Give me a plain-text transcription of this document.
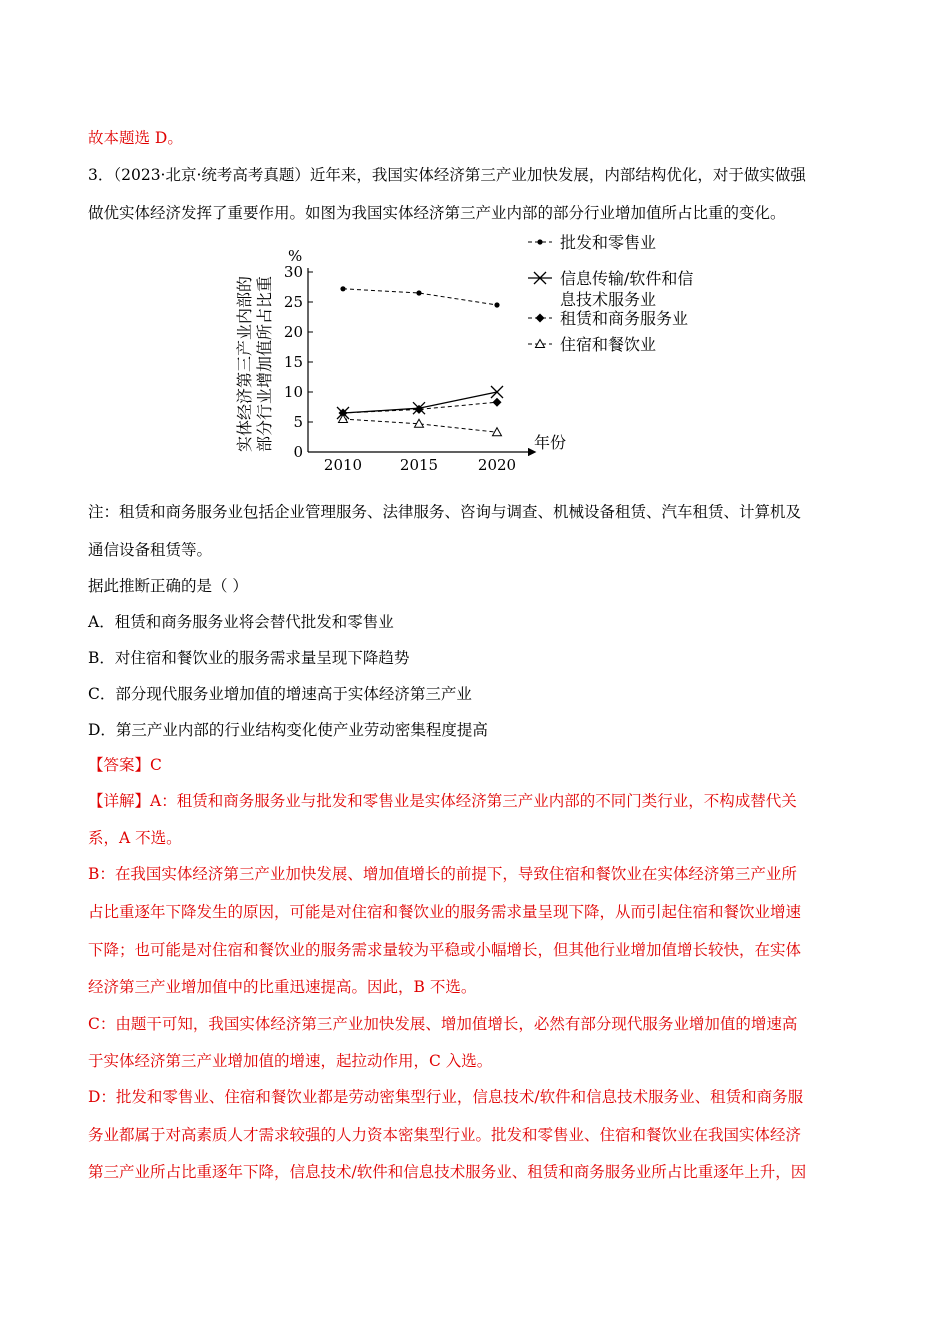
故本题选 D。
3．（2023·北京·统考高考真题）近年来，我国实体经济第三产业加快发展，内部结构优化，对于做实做强
做优实体经济发挥了重要作用。如图为我国实体经济第三产业内部的部分行业增加值所占比重的变化。
实体经济第三产业内部的 部分行业增加值所占比重
%
年份
0
5
10
15
20
25
30
2010	2015	2020
批发和零售业
信息传输/软件和信
息技术服务业
租赁和商务服务业
住宿和餐饮业
注：租赁和商务服务业包括企业管理服务、法律服务、咨询与调查、机械设备租赁、汽车租赁、计算机及
通信设备租赁等。
据此推断正确的是（ ）
A．租赁和商务服务业将会替代批发和零售业
B．对住宿和餐饮业的服务需求量呈现下降趋势
C．部分现代服务业增加值的增速高于实体经济第三产业
D．第三产业内部的行业结构变化使产业劳动密集程度提高
【答案】C
【详解】A：租赁和商务服务业与批发和零售业是实体经济第三产业内部的不同门类行业，不构成替代关
系，A 不选。
B：在我国实体经济第三产业加快发展、增加值增长的前提下，导致住宿和餐饮业在实体经济第三产业所
占比重逐年下降发生的原因，可能是对住宿和餐饮业的服务需求量呈现下降，从而引起住宿和餐饮业增速
下降；也可能是对住宿和餐饮业的服务需求量较为平稳或小幅增长，但其他行业增加值增长较快，在实体
经济第三产业增加值中的比重迅速提高。因此，B 不选。
C：由题干可知，我国实体经济第三产业加快发展、增加值增长，必然有部分现代服务业增加值的增速高
于实体经济第三产业增加值的增速，起拉动作用，C 入选。
D：批发和零售业、住宿和餐饮业都是劳动密集型行业，信息技术/软件和信息技术服务业、租赁和商务服
务业都属于对高素质人才需求较强的人力资本密集型行业。批发和零售业、住宿和餐饮业在我国实体经济
第三产业所占比重逐年下降，信息技术/软件和信息技术服务业、租赁和商务服务业所占比重逐年上升，因
